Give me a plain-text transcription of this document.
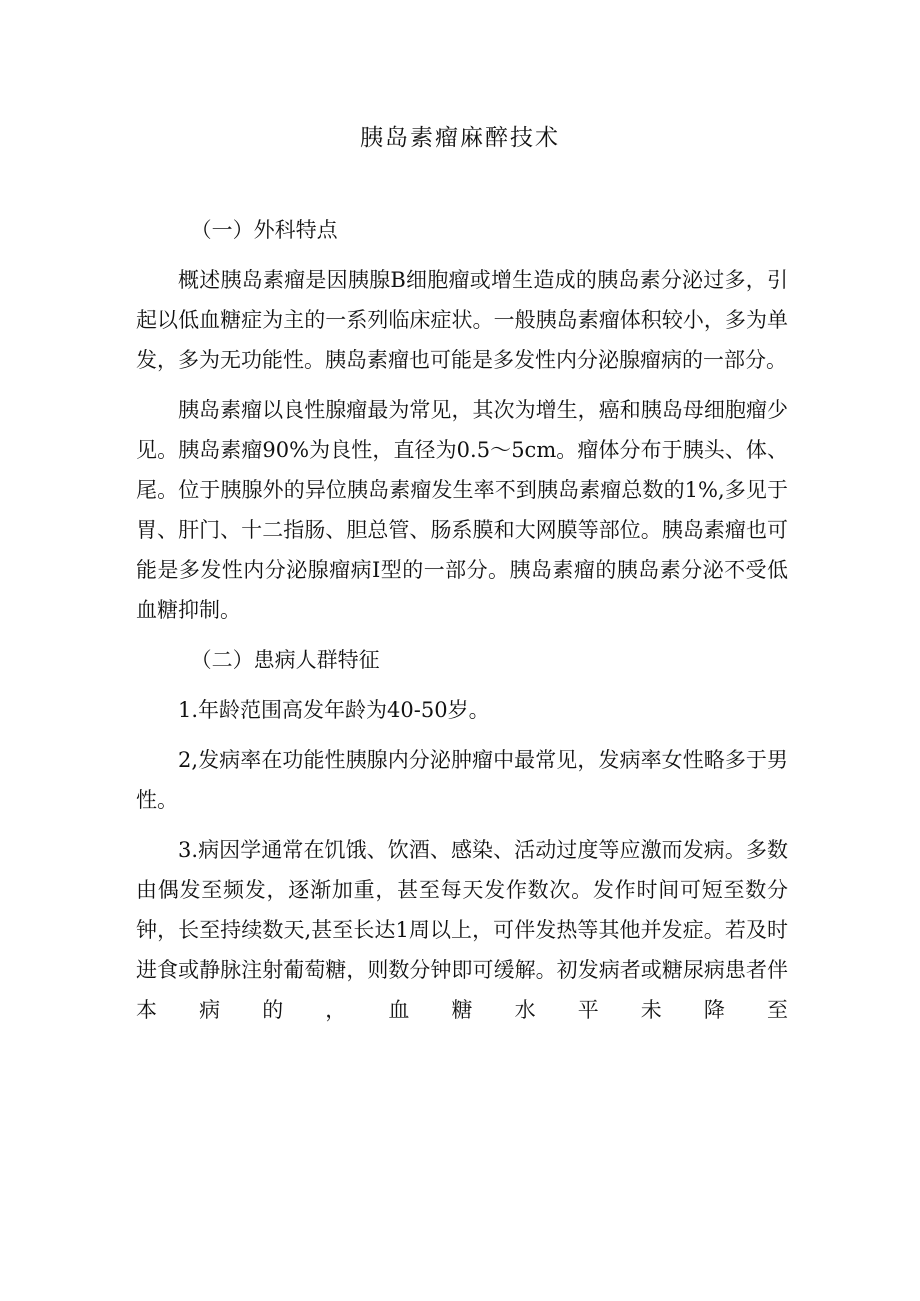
胰岛素瘤麻醉技术

（一）外科特点

概述胰岛素瘤是因胰腺B细胞瘤或增生造成的胰岛素分泌过多，引起以低血糖症为主的一系列临床症状。一般胰岛素瘤体积较小，多为单发，多为无功能性。胰岛素瘤也可能是多发性内分泌腺瘤病的一部分。

胰岛素瘤以良性腺瘤最为常见，其次为增生，癌和胰岛母细胞瘤少见。胰岛素瘤90%为良性，直径为0.5～5cm。瘤体分布于胰头、体、尾。位于胰腺外的异位胰岛素瘤发生率不到胰岛素瘤总数的1%,多见于胃、肝门、十二指肠、胆总管、肠系膜和大网膜等部位。胰岛素瘤也可能是多发性内分泌腺瘤病Ⅰ型的一部分。胰岛素瘤的胰岛素分泌不受低血糖抑制。

（二）患病人群特征

1.年龄范围高发年龄为40-50岁。

2,发病率在功能性胰腺内分泌肿瘤中最常见，发病率女性略多于男性。

3.病因学通常在饥饿、饮酒、感染、活动过度等应激而发病。多数由偶发至频发，逐渐加重，甚至每天发作数次。发作时间可短至数分钟，长至持续数天,甚至长达1周以上，可伴发热等其他并发症。若及时进食或静脉注射葡萄糖，则数分钟即可缓解。初发病者或糖尿病患者伴本病的，血糖水平未降至
